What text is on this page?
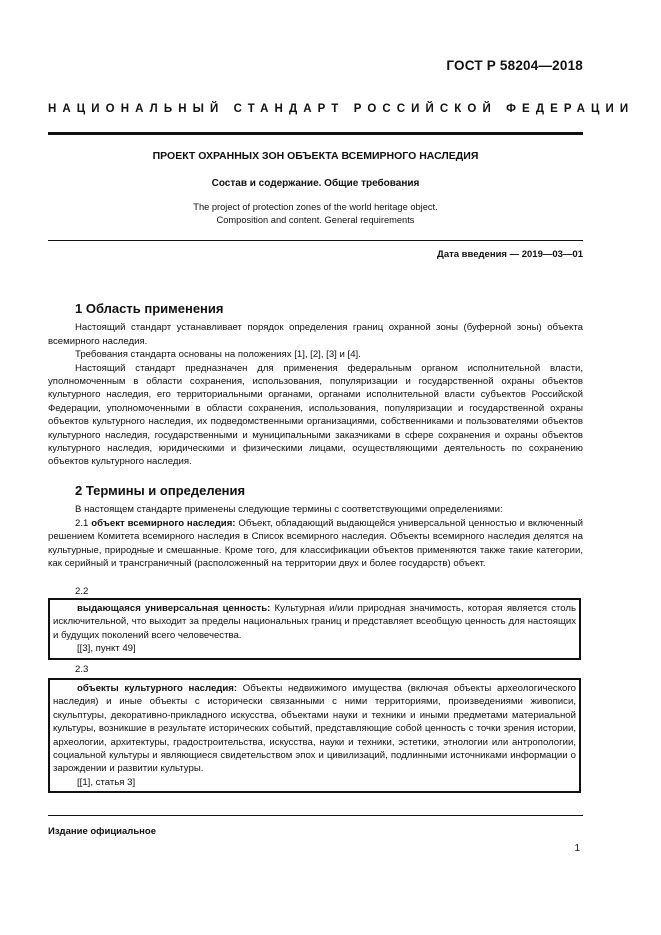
ГОСТ Р 58204—2018
НАЦИОНАЛЬНЫЙ СТАНДАРТ РОССИЙСКОЙ ФЕДЕРАЦИИ
ПРОЕКТ ОХРАННЫХ ЗОН ОБЪЕКТА ВСЕМИРНОГО НАСЛЕДИЯ
Состав и содержание. Общие требования
The project of protection zones of the world heritage object.
Composition and content. General requirements
Дата введения — 2019—03—01
1 Область применения

Настоящий стандарт устанавливает порядок определения границ охранной зоны (буферной зоны) объекта всемирного наследия.

Требования стандарта основаны на положениях [1], [2], [3] и [4].

Настоящий стандарт предназначен для применения федеральным органом исполнительной власти, уполномоченным в области сохранения, использования, популяризации и государственной охраны объектов культурного наследия, его территориальными органами, органами исполнительной власти субъектов Российской Федерации, уполномоченными в области сохранения, использования, популяризации и государственной охраны объектов культурного наследия, их подведомственными организациями, собственниками и пользователями объектов культурного наследия, государственными и муниципальными заказчиками в сфере сохранения и охраны объектов культурного наследия, юридическими и физическими лицами, осуществляющими деятельность по сохранению объектов культурного наследия.

2 Термины и определения

В настоящем стандарте применены следующие термины с соответствующими определениями:

2.1 объект всемирного наследия: Объект, обладающий выдающейся универсальной ценностью и включенный решением Комитета всемирного наследия в Список всемирного наследия. Объекты всемирного наследия делятся на культурные, природные и смешанные. Кроме того, для классификации объектов применяются также такие категории, как серийный и трансграничный (расположенный на территории двух и более государств) объект.

2.2

выдающаяся универсальная ценность: Культурная и/или природная значимость, которая является столь исключительной, что выходит за пределы национальных границ и представляет всеобщую ценность для настоящих и будущих поколений всего человечества.

[[3], пункт 49]

2.3

объекты культурного наследия: Объекты недвижимого имущества (включая объекты археологического наследия) и иные объекты с исторически связанными с ними территориями, произведениями живописи, скульптуры, декоративно-прикладного искусства, объектами науки и техники и иными предметами материальной культуры, возникшие в результате исторических событий, представляющие собой ценность с точки зрения истории, археологии, архитектуры, градостроительства, искусства, науки и техники, эстетики, этнологии или антропологии, социальной культуры и являющиеся свидетельством эпох и цивилизаций, подлинными источниками информации о зарождении и развитии культуры.

[[1], статья 3]

Издание официальное
1
